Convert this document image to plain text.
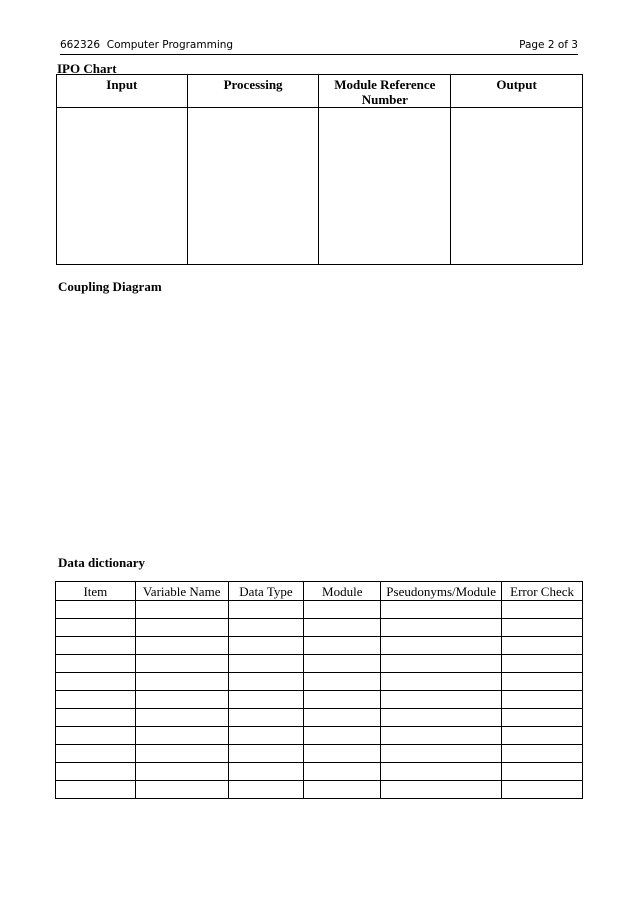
662326  Computer Programming	Page 2 of 3
IPO Chart
Input	Processing	Module Reference Number	Output

Coupling Diagram
Data dictionary
Item	Variable Name	Data Type	Module	Pseudonyms/Module	Error Check
